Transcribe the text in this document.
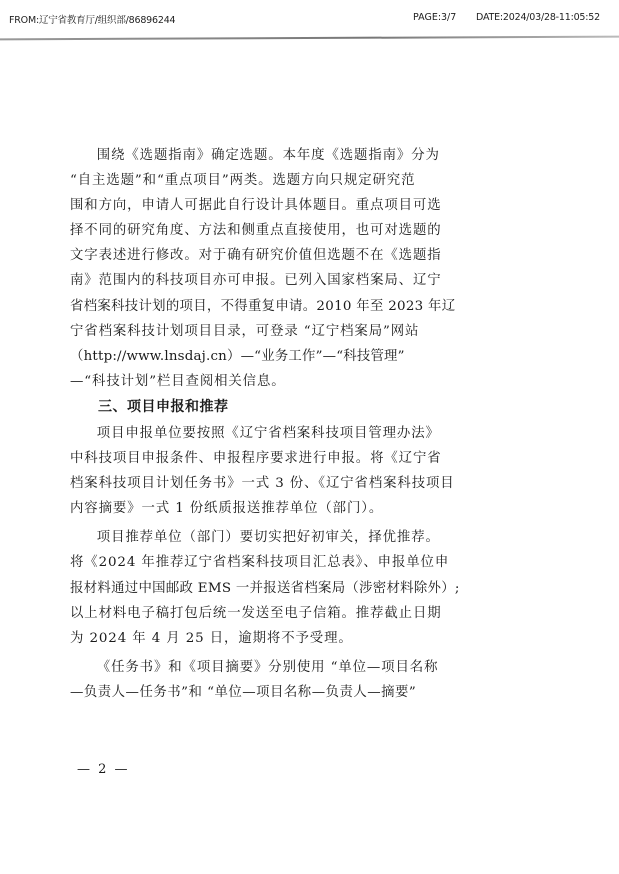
FROM:辽宁省教育厅/组织部/86896244	PAGE:3/7 DATE:2024/03/28-11:05:52

围绕《选题指南》确定选题。本年度《选题指南》分为
“自主选题”和“重点项目”两类。选题方向只规定研究范
围和方向，申请人可据此自行设计具体题目。重点项目可选
择不同的研究角度、方法和侧重点直接使用，也可对选题的
文字表述进行修改。对于确有研究价值但选题不在《选题指
南》范围内的科技项目亦可申报。已列入国家档案局、辽宁
省档案科技计划的项目，不得重复申请。2010 年至 2023 年辽
宁省档案科技计划项目目录，可登录 “辽宁档案局”网站
（http://www.lnsdaj.cn）—“业务工作”—“科技管理”
—“科技计划”栏目查阅相关信息。

三、项目申报和推荐

项目申报单位要按照《辽宁省档案科技项目管理办法》
中科技项目申报条件、申报程序要求进行申报。将《辽宁省
档案科技项目计划任务书》一式 3 份、《辽宁省档案科技项目
内容摘要》一式 1 份纸质报送推荐单位（部门）。

项目推荐单位（部门）要切实把好初审关，择优推荐。
将《2024 年推荐辽宁省档案科技项目汇总表》、申报单位申
报材料通过中国邮政 EMS 一并报送省档案局（涉密材料除外）;
以上材料电子稿打包后统一发送至电子信箱。推荐截止日期
为 2024 年 4 月 25 日，逾期将不予受理。

《任务书》和《项目摘要》分别使用 “单位—项目名称
—负责人—任务书”和 “单位—项目名称—负责人—摘要”

— 2 —
